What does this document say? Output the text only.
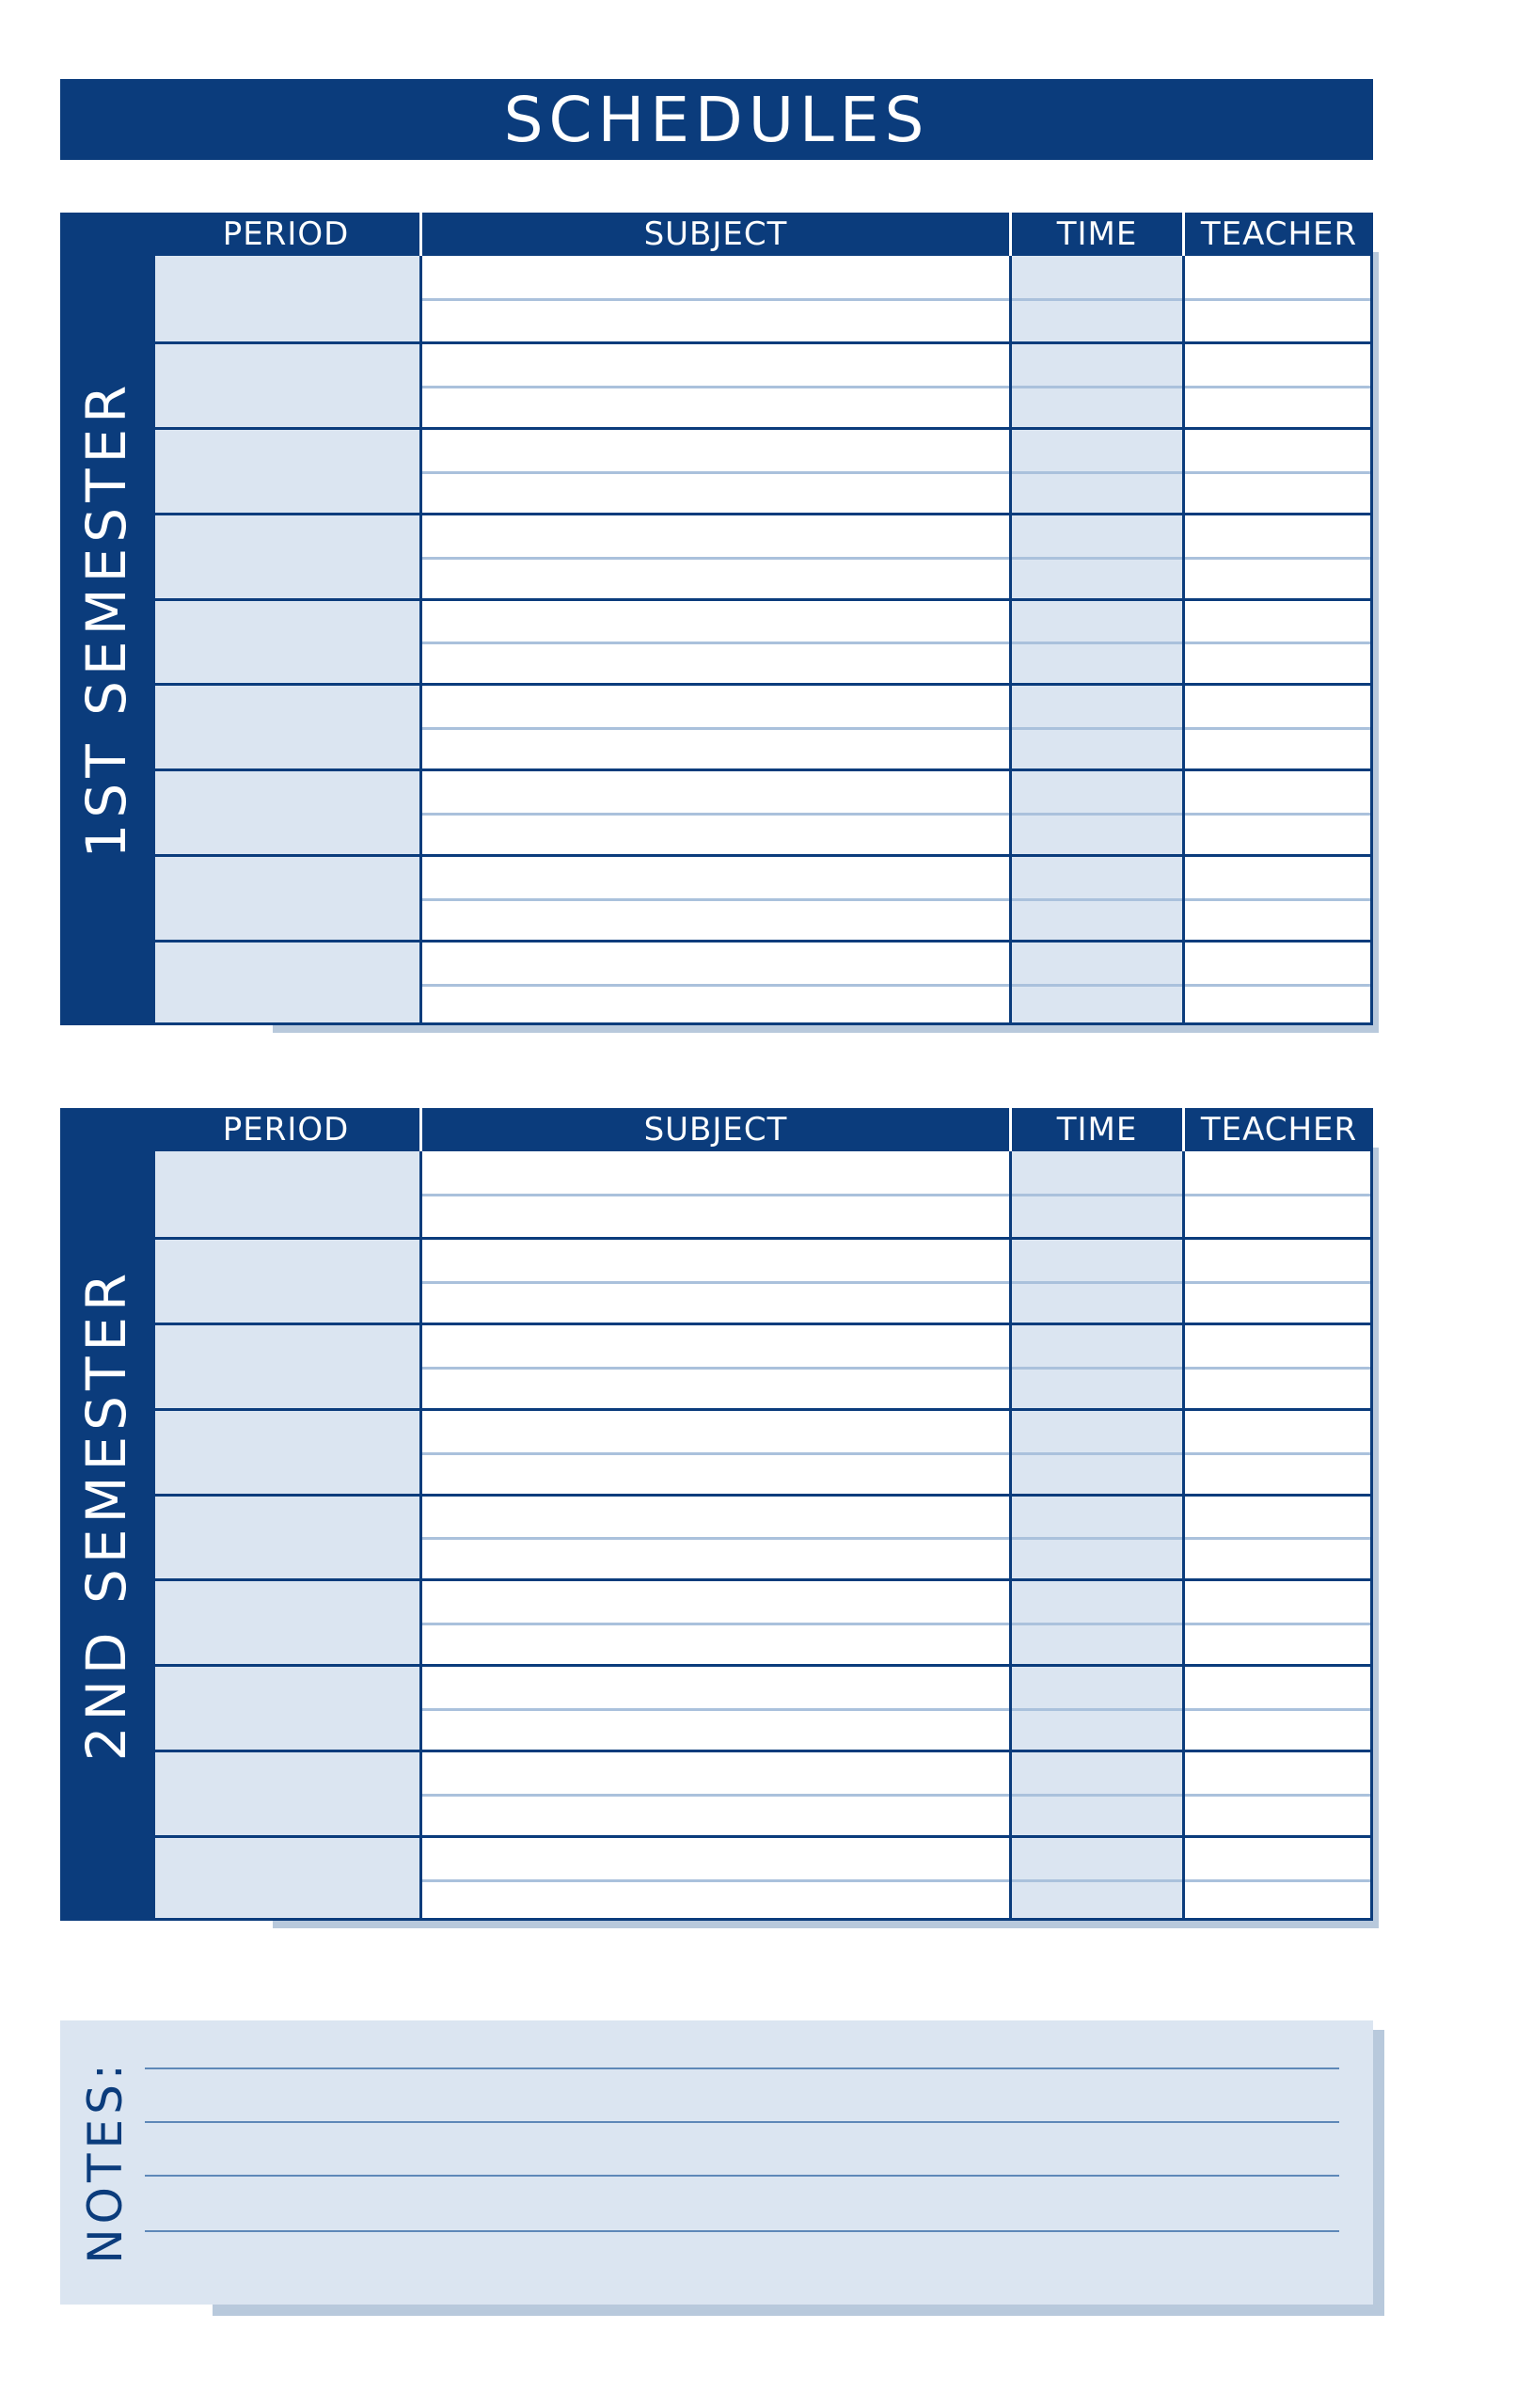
SCHEDULES
1ST SEMESTER
PERIOD	SUBJECT	TIME	TEACHER
2ND SEMESTER
PERIOD	SUBJECT	TIME	TEACHER
NOTES:
